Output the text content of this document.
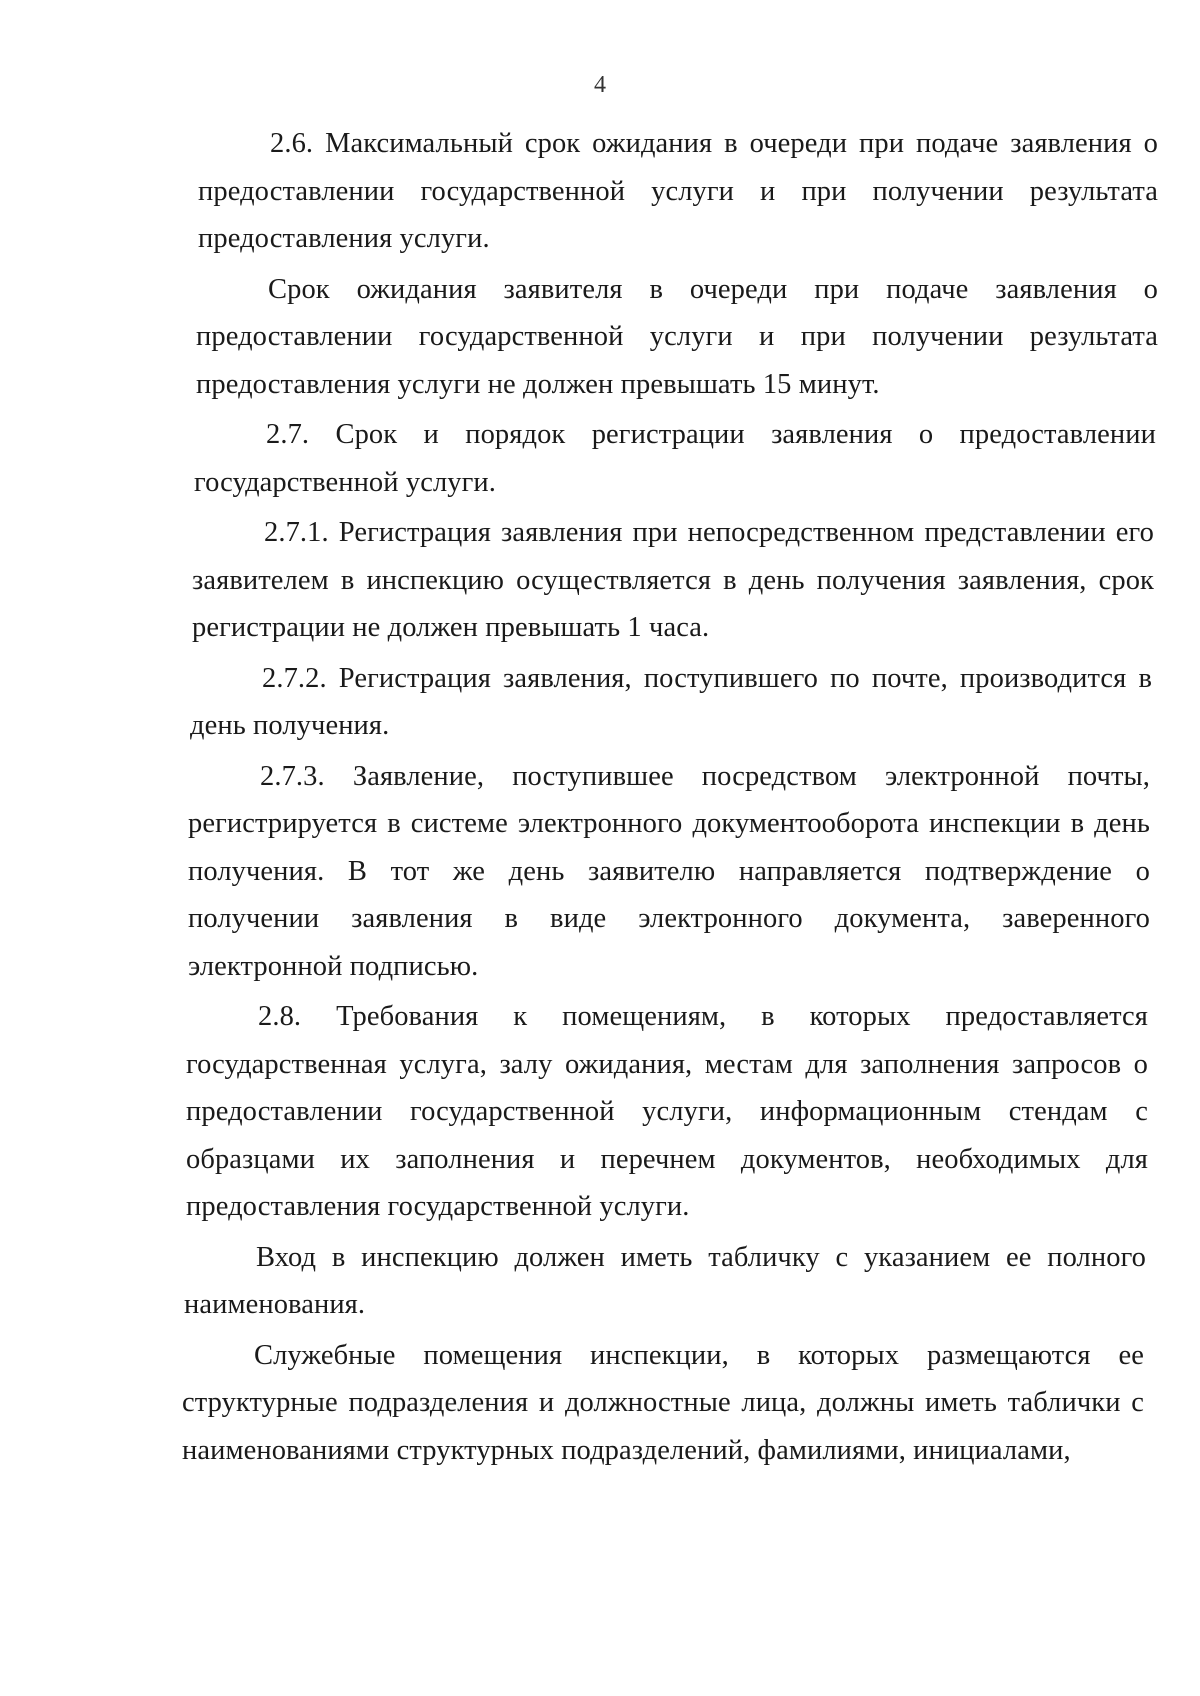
4

2.6. Максимальный срок ожидания в очереди при подаче заявления о предоставлении государственной услуги и при получении результата предоставления услуги.

Срок ожидания заявителя в очереди при подаче заявления о предоставлении государственной услуги и при получении результата предоставления услуги не должен превышать 15 минут.

2.7. Срок и порядок регистрации заявления о предоставлении государственной услуги.

2.7.1. Регистрация заявления при непосредственном представлении его заявителем в инспекцию осуществляется в день получения заявления, срок регистрации не должен превышать 1 часа.

2.7.2. Регистрация заявления, поступившего по почте, производится в день получения.

2.7.3. Заявление, поступившее посредством электронной почты, регистрируется в системе электронного документооборота инспекции в день получения. В тот же день заявителю направляется подтверждение о получении заявления в виде электронного документа, заверенного электронной подписью.

2.8. Требования к помещениям, в которых предоставляется государственная услуга, залу ожидания, местам для заполнения запросов о предоставлении государственной услуги, информационным стендам с образцами их заполнения и перечнем документов, необходимых для предоставления государственной услуги.

Вход в инспекцию должен иметь табличку с указанием ее полного наименования.

Служебные помещения инспекции, в которых размещаются ее структурные подразделения и должностные лица, должны иметь таблички с наименованиями структурных подразделений, фамилиями, инициалами,
